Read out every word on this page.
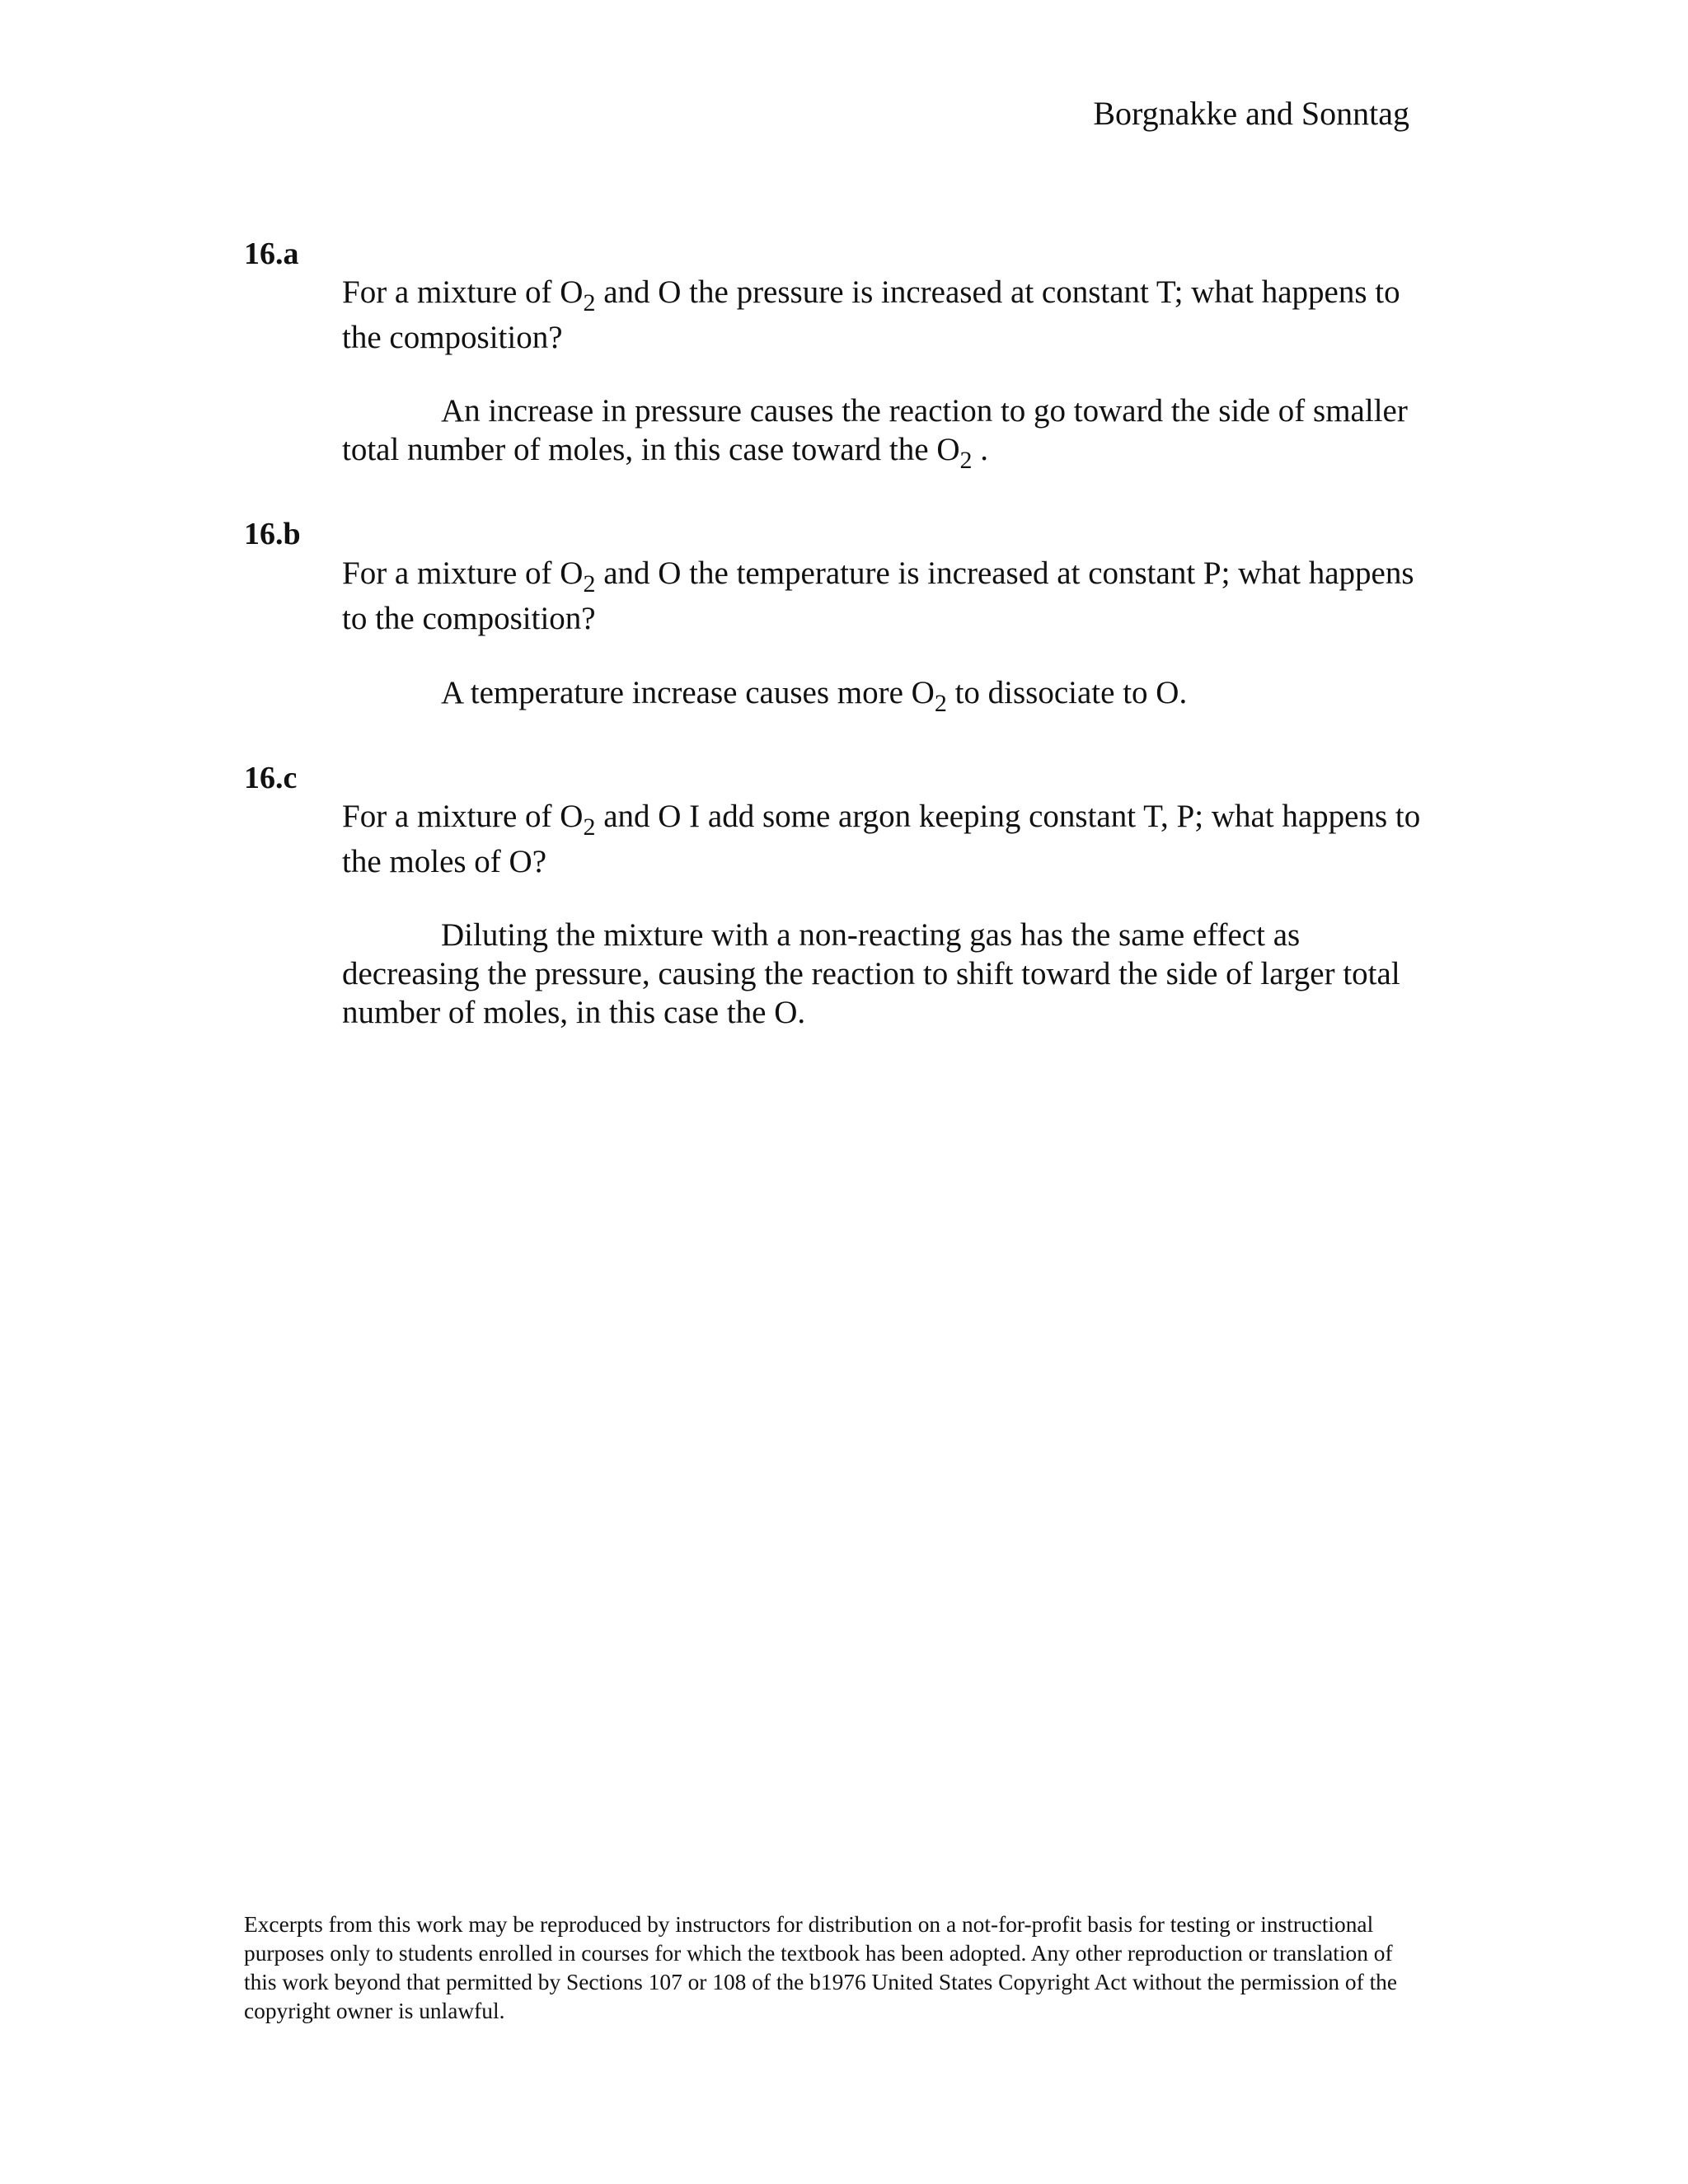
Borgnakke and Sonntag
16.a
For a mixture of $O_2$ and O the pressure is increased at constant T; what happens to the composition?
An increase in pressure causes the reaction to go toward the side of smaller total number of moles, in this case toward the $O_2$ .
16.b
For a mixture of $O_2$ and O the temperature is increased at constant P; what happens to the composition?
A temperature increase causes more $O_2$ to dissociate to O.
16.c
For a mixture of $O_2$ and O I add some argon keeping constant T, P; what happens to the moles of O?
Diluting the mixture with a non-reacting gas has the same effect as decreasing the pressure, causing the reaction to shift toward the side of larger total number of moles, in this case the O.
Excerpts from this work may be reproduced by instructors for distribution on a not-for-profit basis for testing or instructional purposes only to students enrolled in courses for which the textbook has been adopted. Any other reproduction or translation of this work beyond that permitted by Sections 107 or 108 of the b1976 United States Copyright Act without the permission of the copyright owner is unlawful.
